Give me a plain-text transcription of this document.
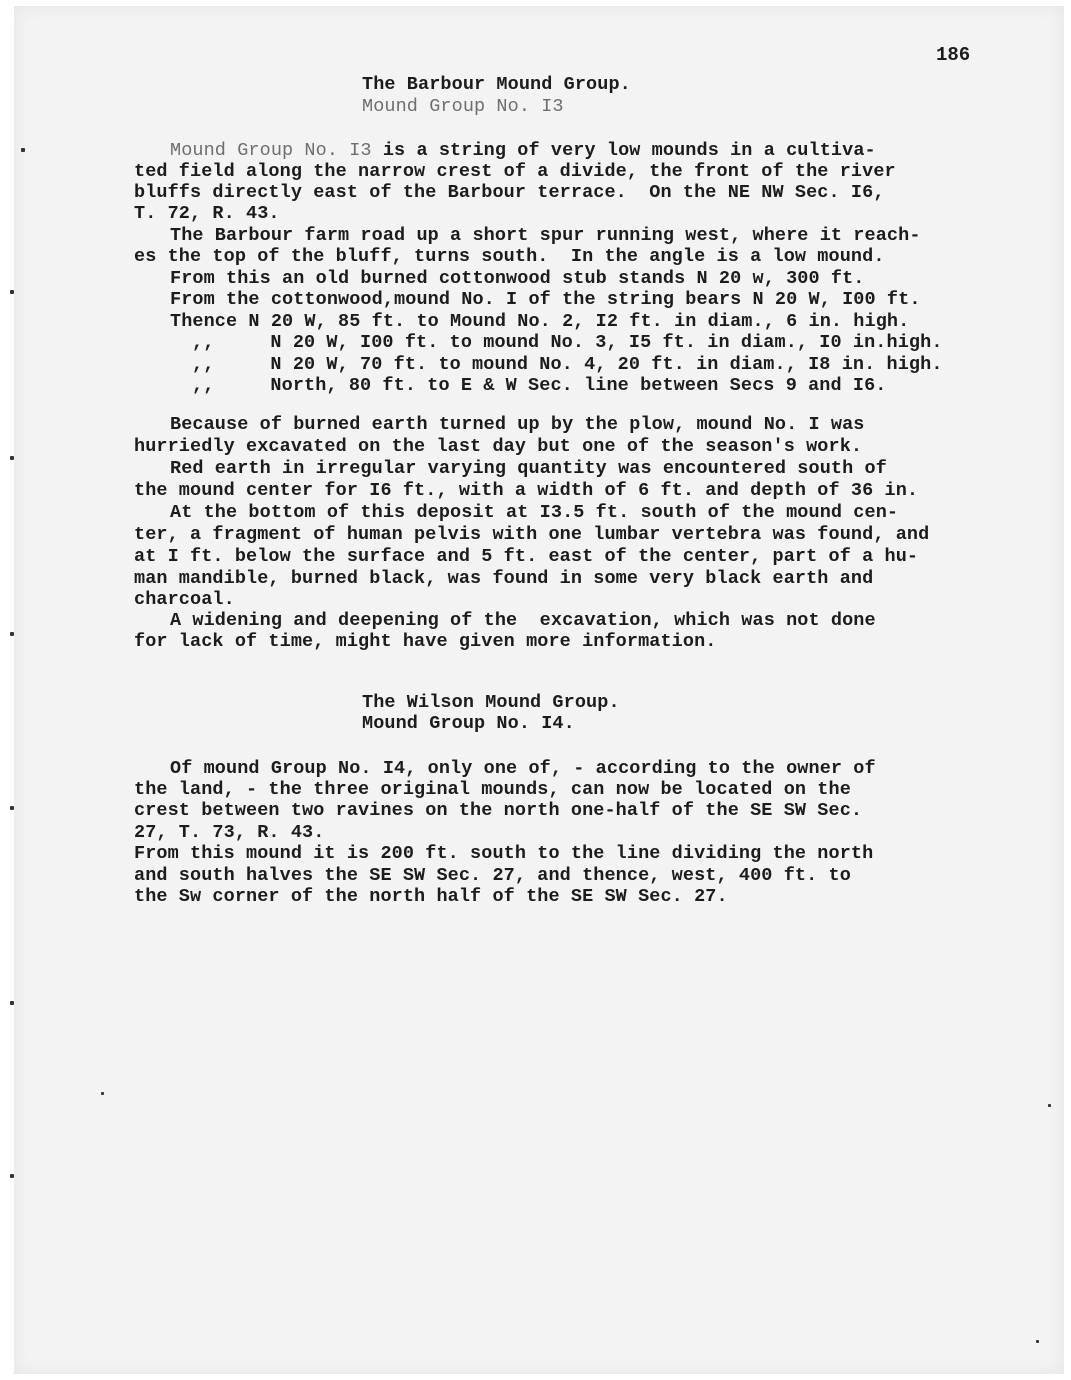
186
The Barbour Mound Group.
Mound Group No. I3
Mound Group No. I3 is a string of very low mounds in a cultiva-
ted field along the narrow crest of a divide, the front of the river
bluffs directly east of the Barbour terrace.  On the NE NW Sec. I6,
T. 72, R. 43.
The Barbour farm road up a short spur running west, where it reach-
es the top of the bluff, turns south.  In the angle is a low mound.
From this an old burned cottonwood stub stands N 20 w, 300 ft.
From the cottonwood,mound No. I of the string bears N 20 W, I00 ft.
Thence N 20 W, 85 ft. to Mound No. 2, I2 ft. in diam., 6 in. high.
,,     N 20 W, I00 ft. to mound No. 3, I5 ft. in diam., I0 in.high.
,,     N 20 W, 70 ft. to mound No. 4, 20 ft. in diam., I8 in. high.
,,     North, 80 ft. to E & W Sec. line between Secs 9 and I6.
Because of burned earth turned up by the plow, mound No. I was
hurriedly excavated on the last day but one of the season's work.
Red earth in irregular varying quantity was encountered south of
the mound center for I6 ft., with a width of 6 ft. and depth of 36 in.
At the bottom of this deposit at I3.5 ft. south of the mound cen-
ter, a fragment of human pelvis with one lumbar vertebra was found, and
at I ft. below the surface and 5 ft. east of the center, part of a hu-
man mandible, burned black, was found in some very black earth and
charcoal.
A widening and deepening of the  excavation, which was not done
for lack of time, might have given more information.
The Wilson Mound Group.
Mound Group No. I4.
Of mound Group No. I4, only one of, - according to the owner of
the land, - the three original mounds, can now be located on the
crest between two ravines on the north one-half of the SE SW Sec.
27, T. 73, R. 43.
From this mound it is 200 ft. south to the line dividing the north
and south halves the SE SW Sec. 27, and thence, west, 400 ft. to
the Sw corner of the north half of the SE SW Sec. 27.
